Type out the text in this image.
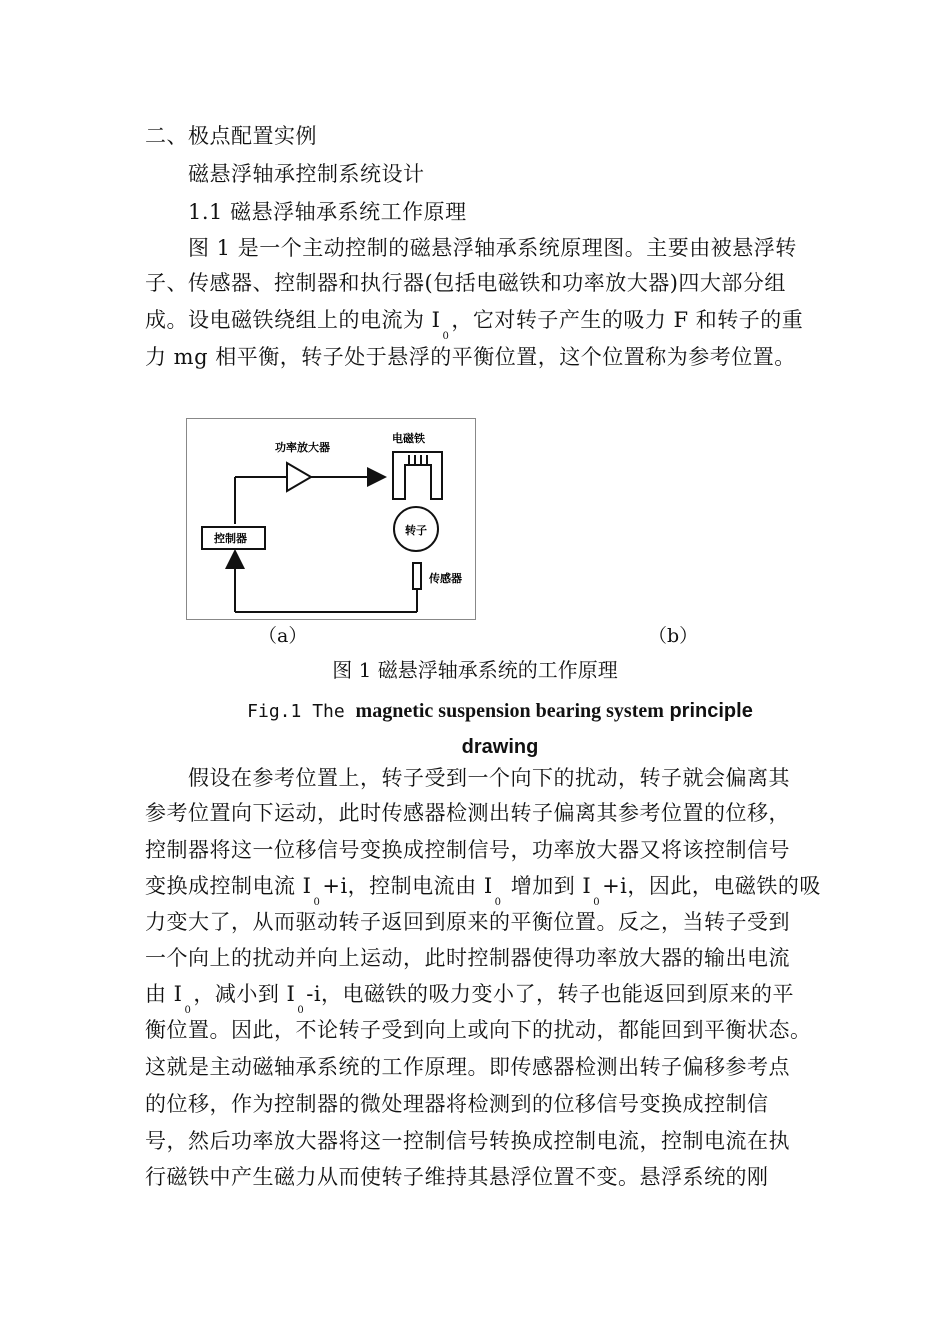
二、极点配置实例
磁悬浮轴承控制系统设计
1.1 磁悬浮轴承系统工作原理
图 1 是一个主动控制的磁悬浮轴承系统原理图。主要由被悬浮转
子、传感器、控制器和执行器(包括电磁铁和功率放大器)四大部分组
成。设电磁铁绕组上的电流为 $I_0$，它对转子产生的吸力 F 和转子的重
力 mg 相平衡，转子处于悬浮的平衡位置，这个位置称为参考位置。
功率放大器
电磁铁
控制器
转子
传感器
（a）	（b）
图 1 磁悬浮轴承系统的工作原理
Fig.1 The magnetic suspension bearing system principle
drawing
假设在参考位置上，转子受到一个向下的扰动，转子就会偏离其
参考位置向下运动，此时传感器检测出转子偏离其参考位置的位移，
控制器将这一位移信号变换成控制信号，功率放大器又将该控制信号
变换成控制电流 $I_0+i$，控制电流由 $I_0$ 增加到 $I_0+i$，因此，电磁铁的吸
力变大了，从而驱动转子返回到原来的平衡位置。反之，当转子受到
一个向上的扰动并向上运动，此时控制器使得功率放大器的输出电流
由 $I_0$，减小到 $I_0-i$，电磁铁的吸力变小了，转子也能返回到原来的平
衡位置。因此，不论转子受到向上或向下的扰动，都能回到平衡状态。
这就是主动磁轴承系统的工作原理。即传感器检测出转子偏移参考点
的位移，作为控制器的微处理器将检测到的位移信号变换成控制信
号，然后功率放大器将这一控制信号转换成控制电流，控制电流在执
行磁铁中产生磁力从而使转子维持其悬浮位置不变。悬浮系统的刚
